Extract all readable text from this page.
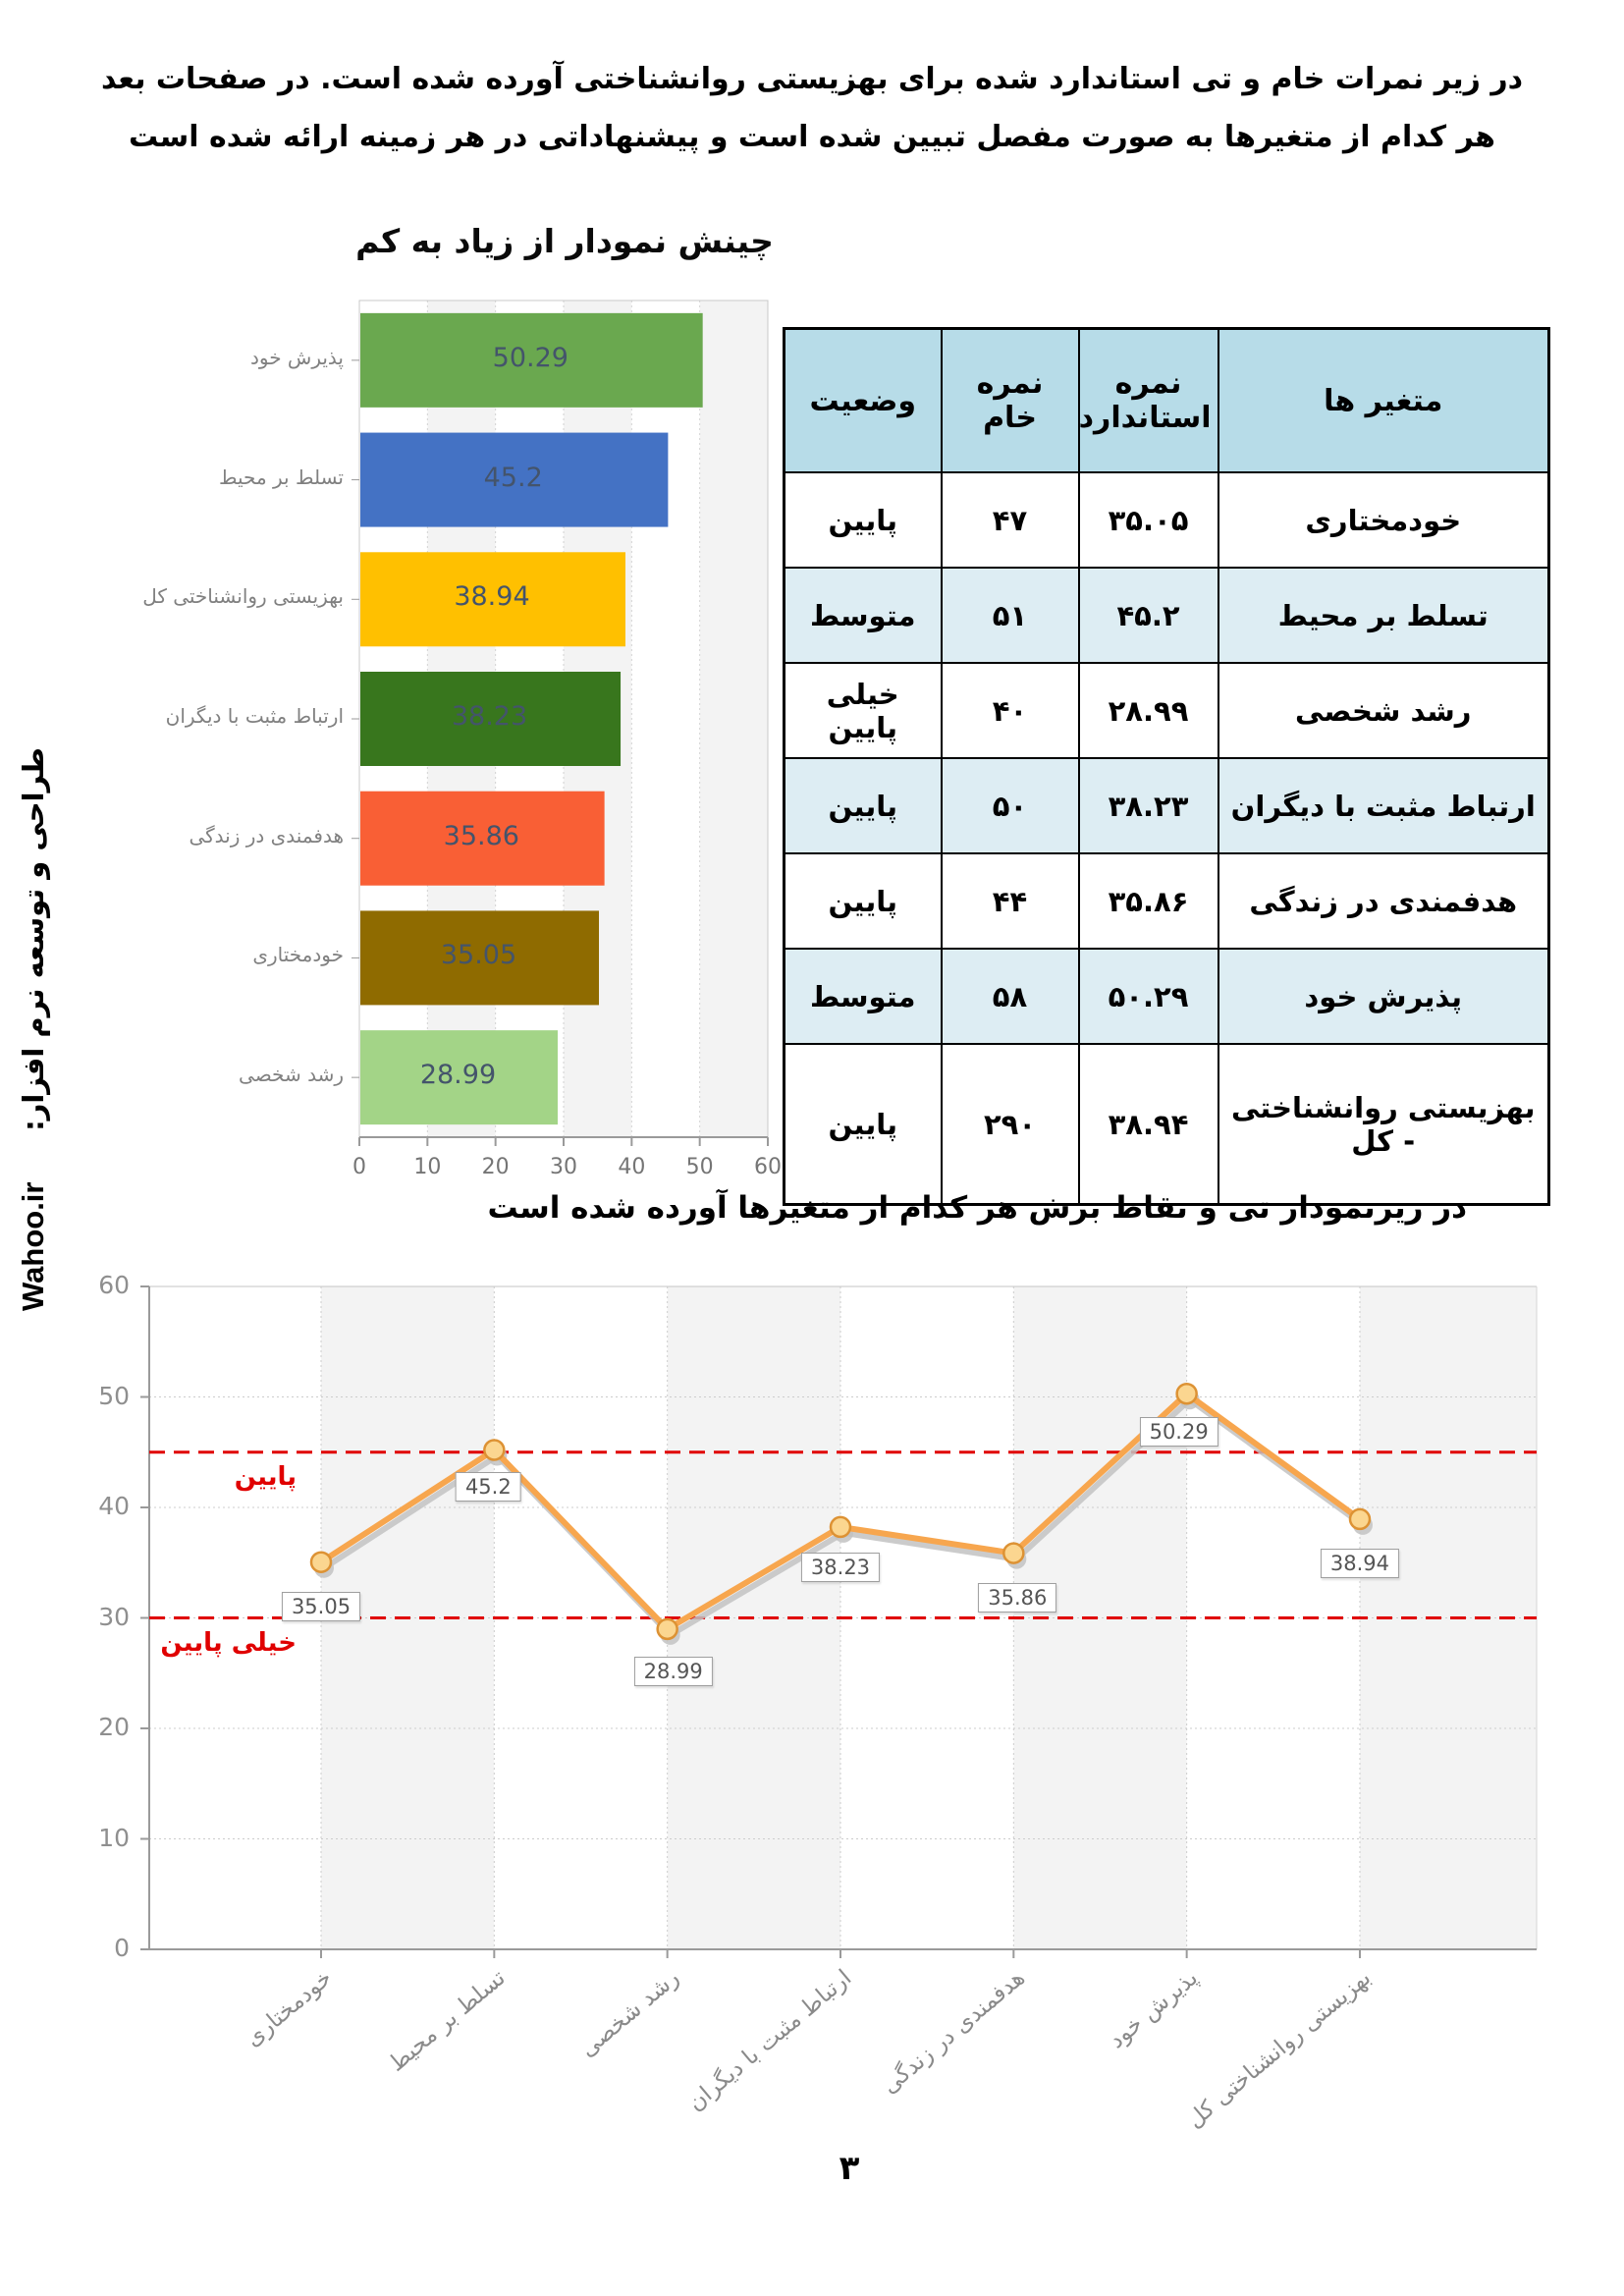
در زیر نمرات خام و تی استاندارد شده برای بهزیستی روانشناختی آورده شده است. در صفحات بعد هر کدام از متغیرها به صورت مفصل تبیین شده است و پیشنهاداتی در هر زمینه ارائه شده است
طراحی و توسعه نرم افزار: Wahoo.ir
چینش نمودار از زیاد به کم
0	10	20	30	40	50	60
50.29
پذیرش خود
45.2
تسلط بر محیط
38.94
بهزیستی روانشناختی کل
38.23
ارتباط مثبت با دیگران
35.86
هدفمندی در زندگی
35.05
خودمختاری
28.99
رشد شخصی
متغیر ها	نمره استاندارد	نمره خام	وضعیت
خودمختاری	۳۵.۰۵	۴۷	پایین
تسلط بر محیط	۴۵.۲	۵۱	متوسط
رشد شخصی	۲۸.۹۹	۴۰	خیلی پایین
ارتباط مثبت با دیگران	۳۸.۲۳	۵۰	پایین
هدفمندی در زندگی	۳۵.۸۶	۴۴	پایین
پذیرش خود	۵۰.۲۹	۵۸	متوسط
بهزیستی روانشناختی - کل	۳۸.۹۴	۲۹۰	پایین
در زیرنمودار تی و نقاط برش هر کدام از متغیرها آورده شده است
0
10
20
30
40
50
60
پایین
خیلی پایین
35.05
45.2
28.99
38.23
35.86
50.29
38.94
خودمختاری تسلط بر محیط	رشد شخصی ارتباط مثبت با دیگران هدفمندی در زندگی	پذیرش خود
بهزیستی روانشناختی کل
۳
